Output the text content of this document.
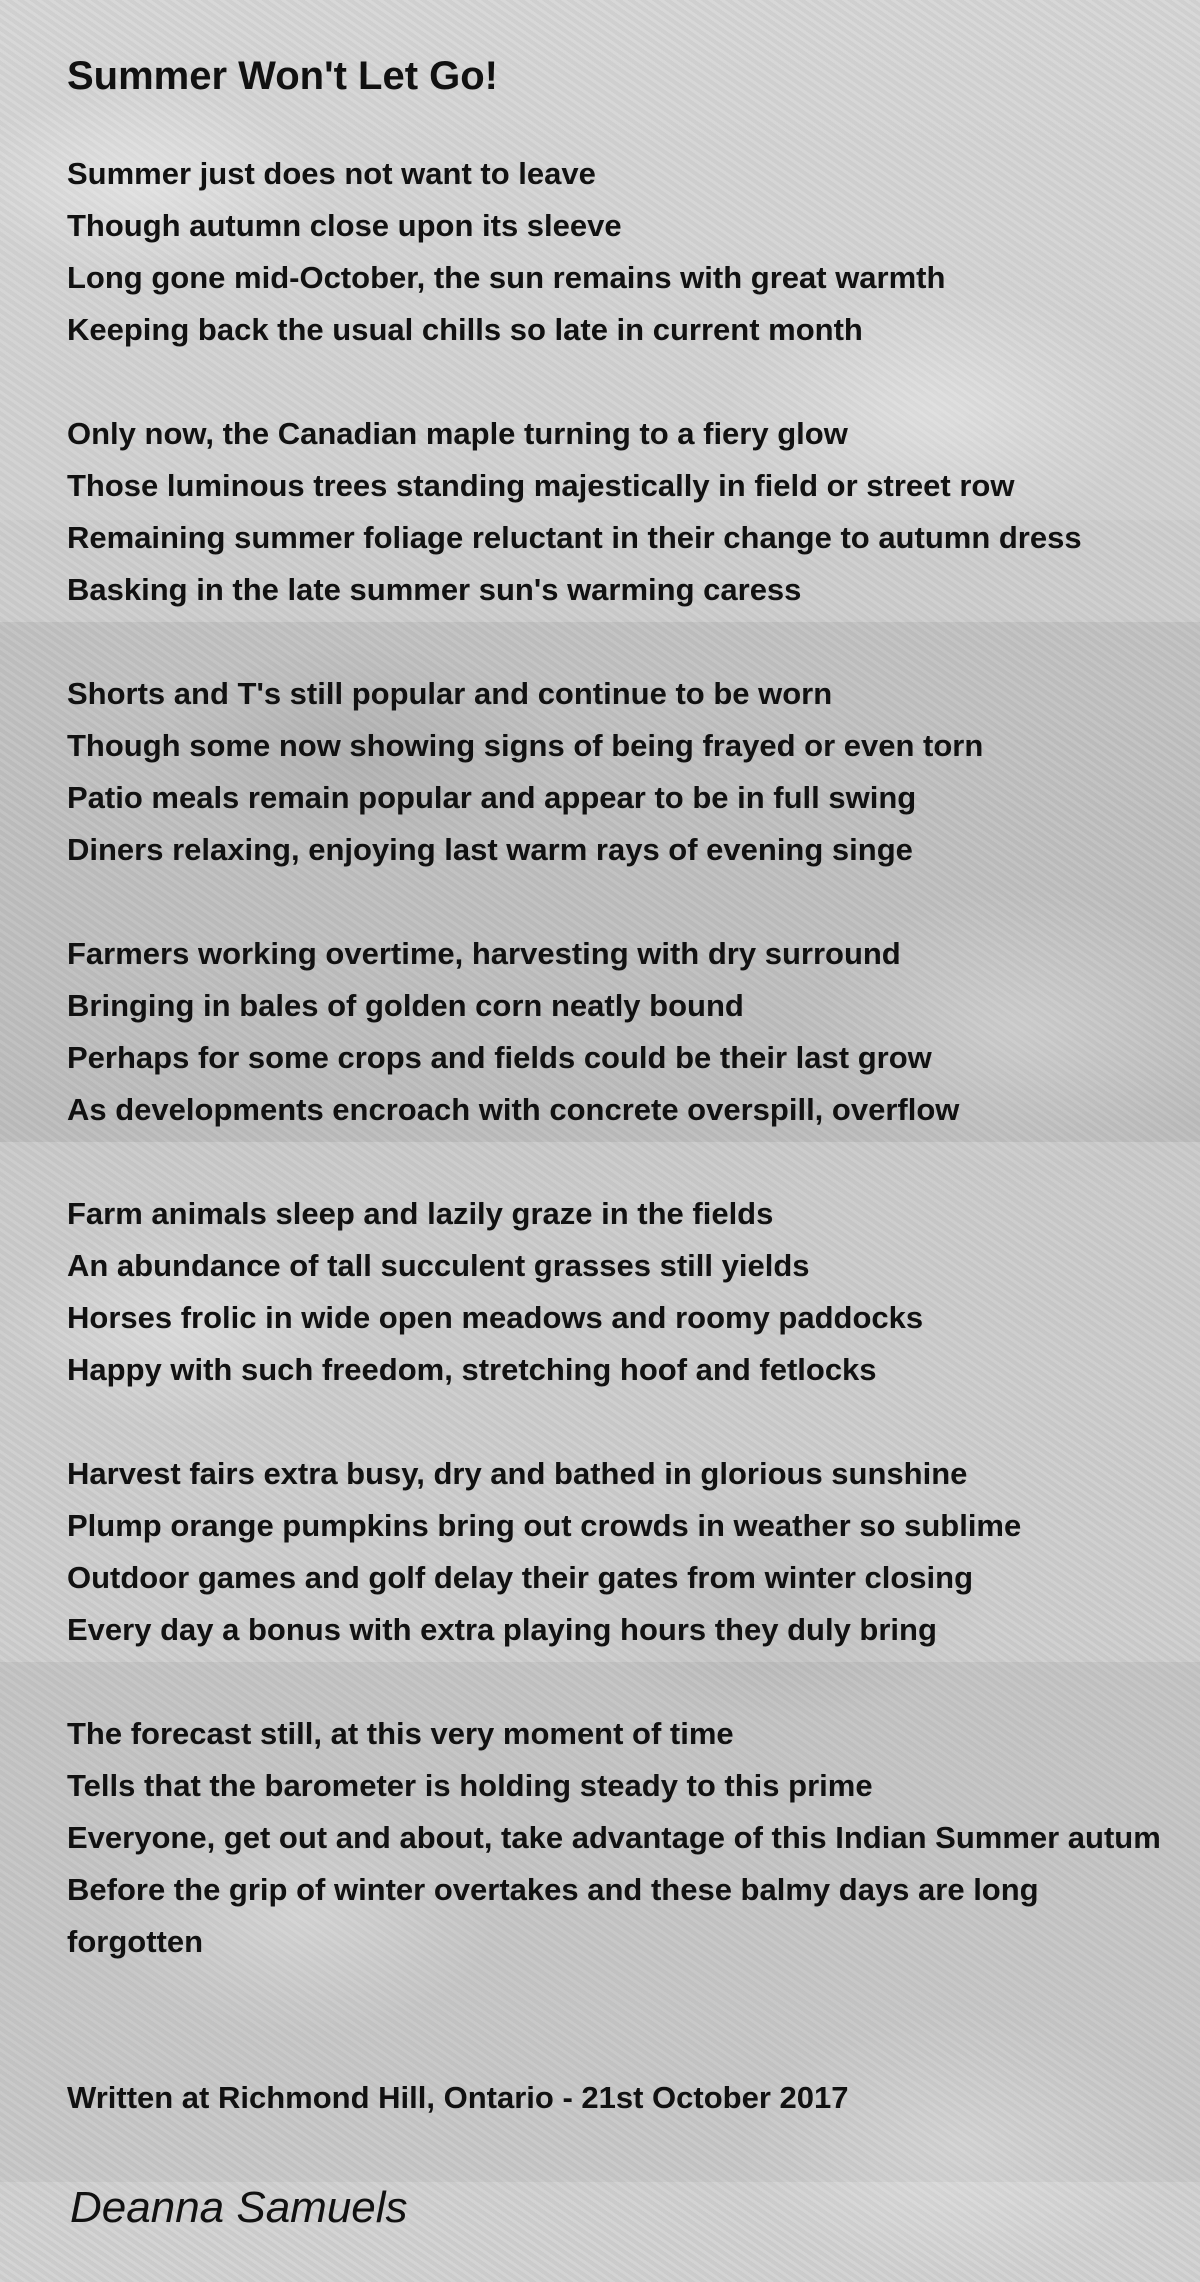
Summer Won't Let Go!
Summer just does not want to leave
Though autumn close upon its sleeve
Long gone mid-October, the sun remains with great warmth
Keeping back the usual chills so late in current month
Only now, the Canadian maple turning to a fiery glow
Those luminous trees standing majestically in field or street row
Remaining summer foliage reluctant in their change to autumn dress
Basking in the late summer sun's warming caress
Shorts and T's still popular and continue to be worn
Though some now showing signs of being frayed or even torn
Patio meals remain popular and appear to be in full swing
Diners relaxing, enjoying last warm rays of evening singe
Farmers working overtime, harvesting with dry surround
Bringing in bales of golden corn neatly bound
Perhaps for some crops and fields could be their last grow
As developments encroach with concrete overspill, overflow
Farm animals sleep and lazily graze in the fields
An abundance of tall succulent grasses still yields
Horses frolic in wide open meadows and roomy paddocks
Happy with such freedom, stretching hoof and fetlocks
Harvest fairs extra busy, dry and bathed in glorious sunshine
Plump orange pumpkins bring out crowds in weather so sublime
Outdoor games and golf delay their gates from winter closing
Every day a bonus with extra playing hours they duly bring
The forecast still, at this very moment of time
Tells that the barometer is holding steady to this prime
Everyone, get out and about, take advantage of this Indian Summer autum
Before the grip of winter overtakes and these balmy days are long
forgotten
Written at Richmond Hill, Ontario - 21st October 2017
Deanna Samuels
